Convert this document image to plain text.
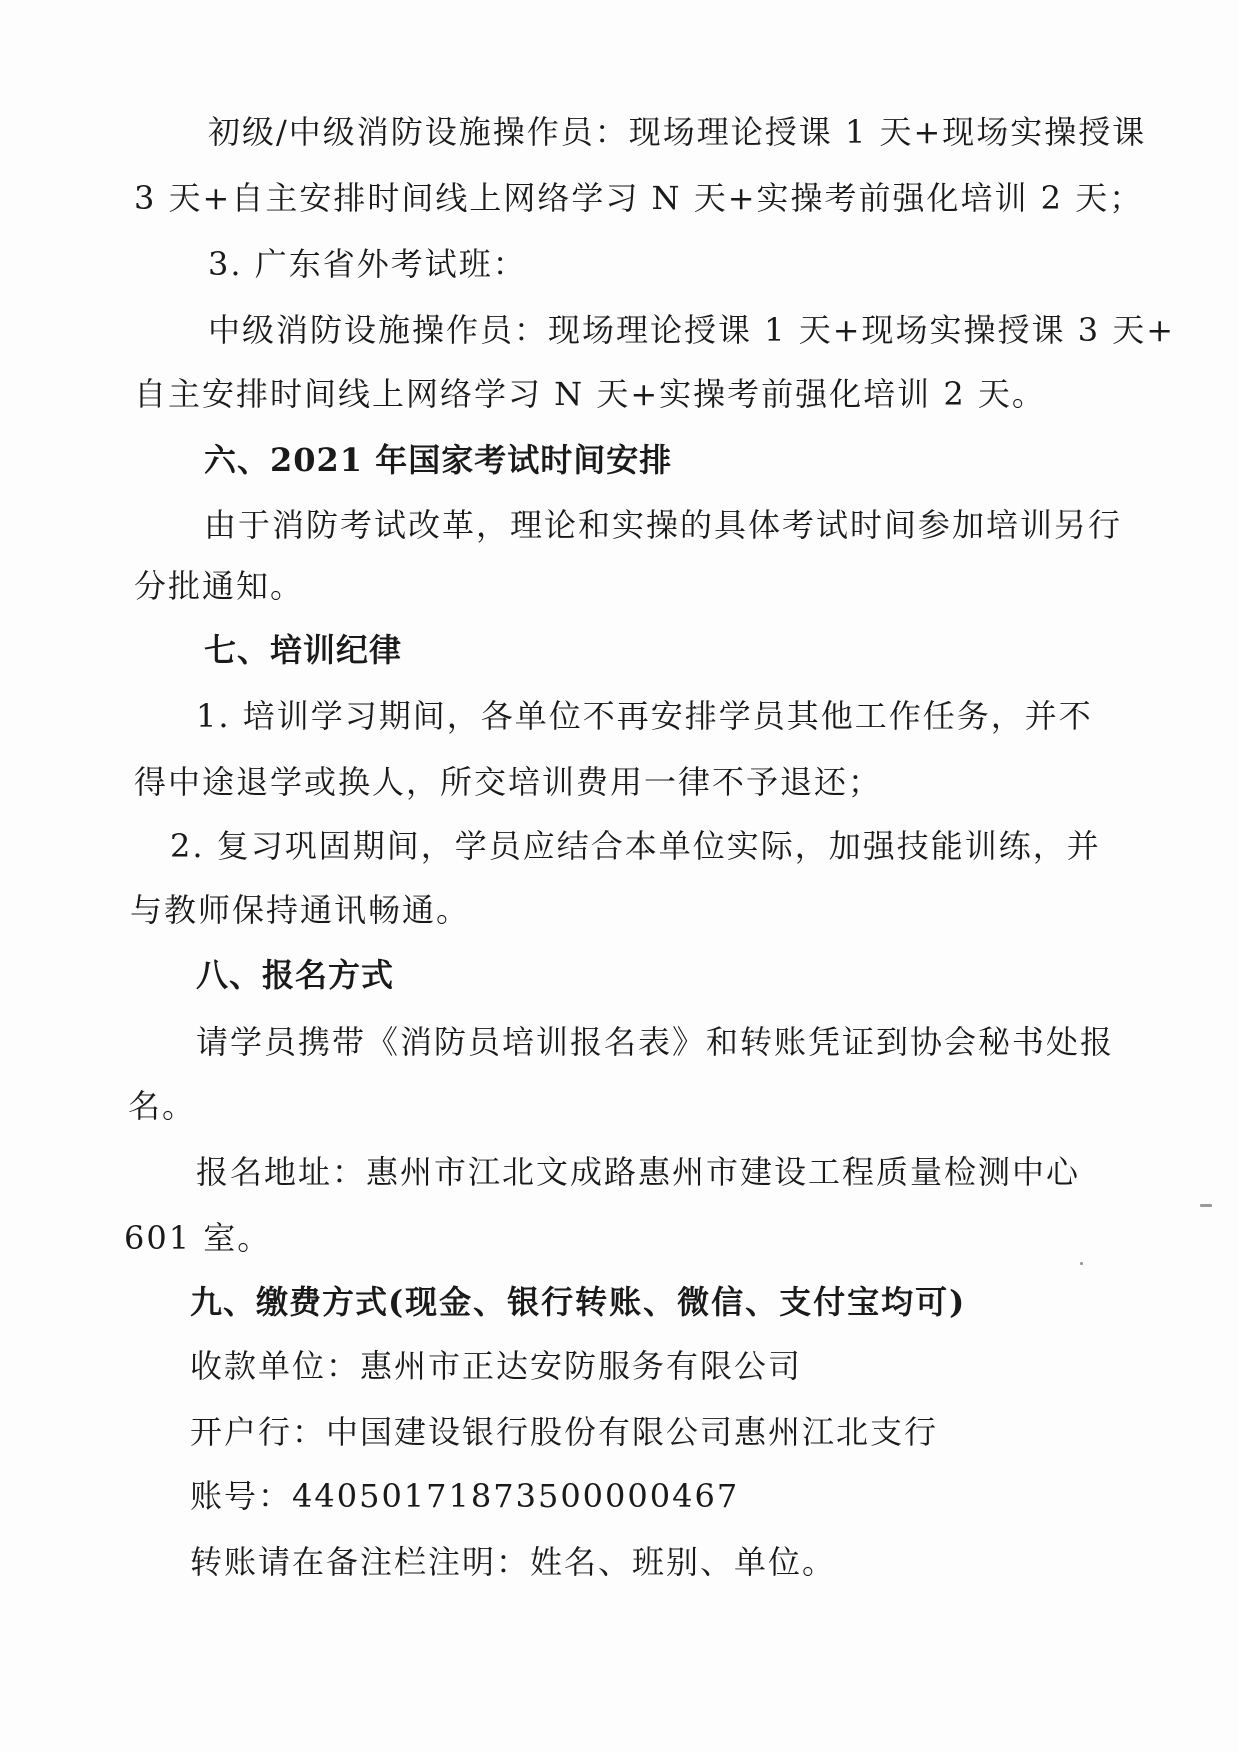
初级/中级消防设施操作员：现场理论授课 1 天+现场实操授课
3 天+自主安排时间线上网络学习 N 天+实操考前强化培训 2 天；
3. 广东省外考试班：
中级消防设施操作员：现场理论授课 1 天+现场实操授课 3 天+
自主安排时间线上网络学习 N 天+实操考前强化培训 2 天。
六、2021 年国家考试时间安排
由于消防考试改革，理论和实操的具体考试时间参加培训另行
分批通知。
七、培训纪律
1. 培训学习期间，各单位不再安排学员其他工作任务，并不
得中途退学或换人，所交培训费用一律不予退还；
2. 复习巩固期间，学员应结合本单位实际，加强技能训练，并
与教师保持通讯畅通。
八、报名方式
请学员携带《消防员培训报名表》和转账凭证到协会秘书处报
名。
报名地址：惠州市江北文成路惠州市建设工程质量检测中心
601 室。
九、缴费方式(现金、银行转账、微信、支付宝均可)
收款单位：惠州市正达安防服务有限公司
开户行：中国建设银行股份有限公司惠州江北支行
账号：44050171873500000467
转账请在备注栏注明：姓名、班别、单位。
